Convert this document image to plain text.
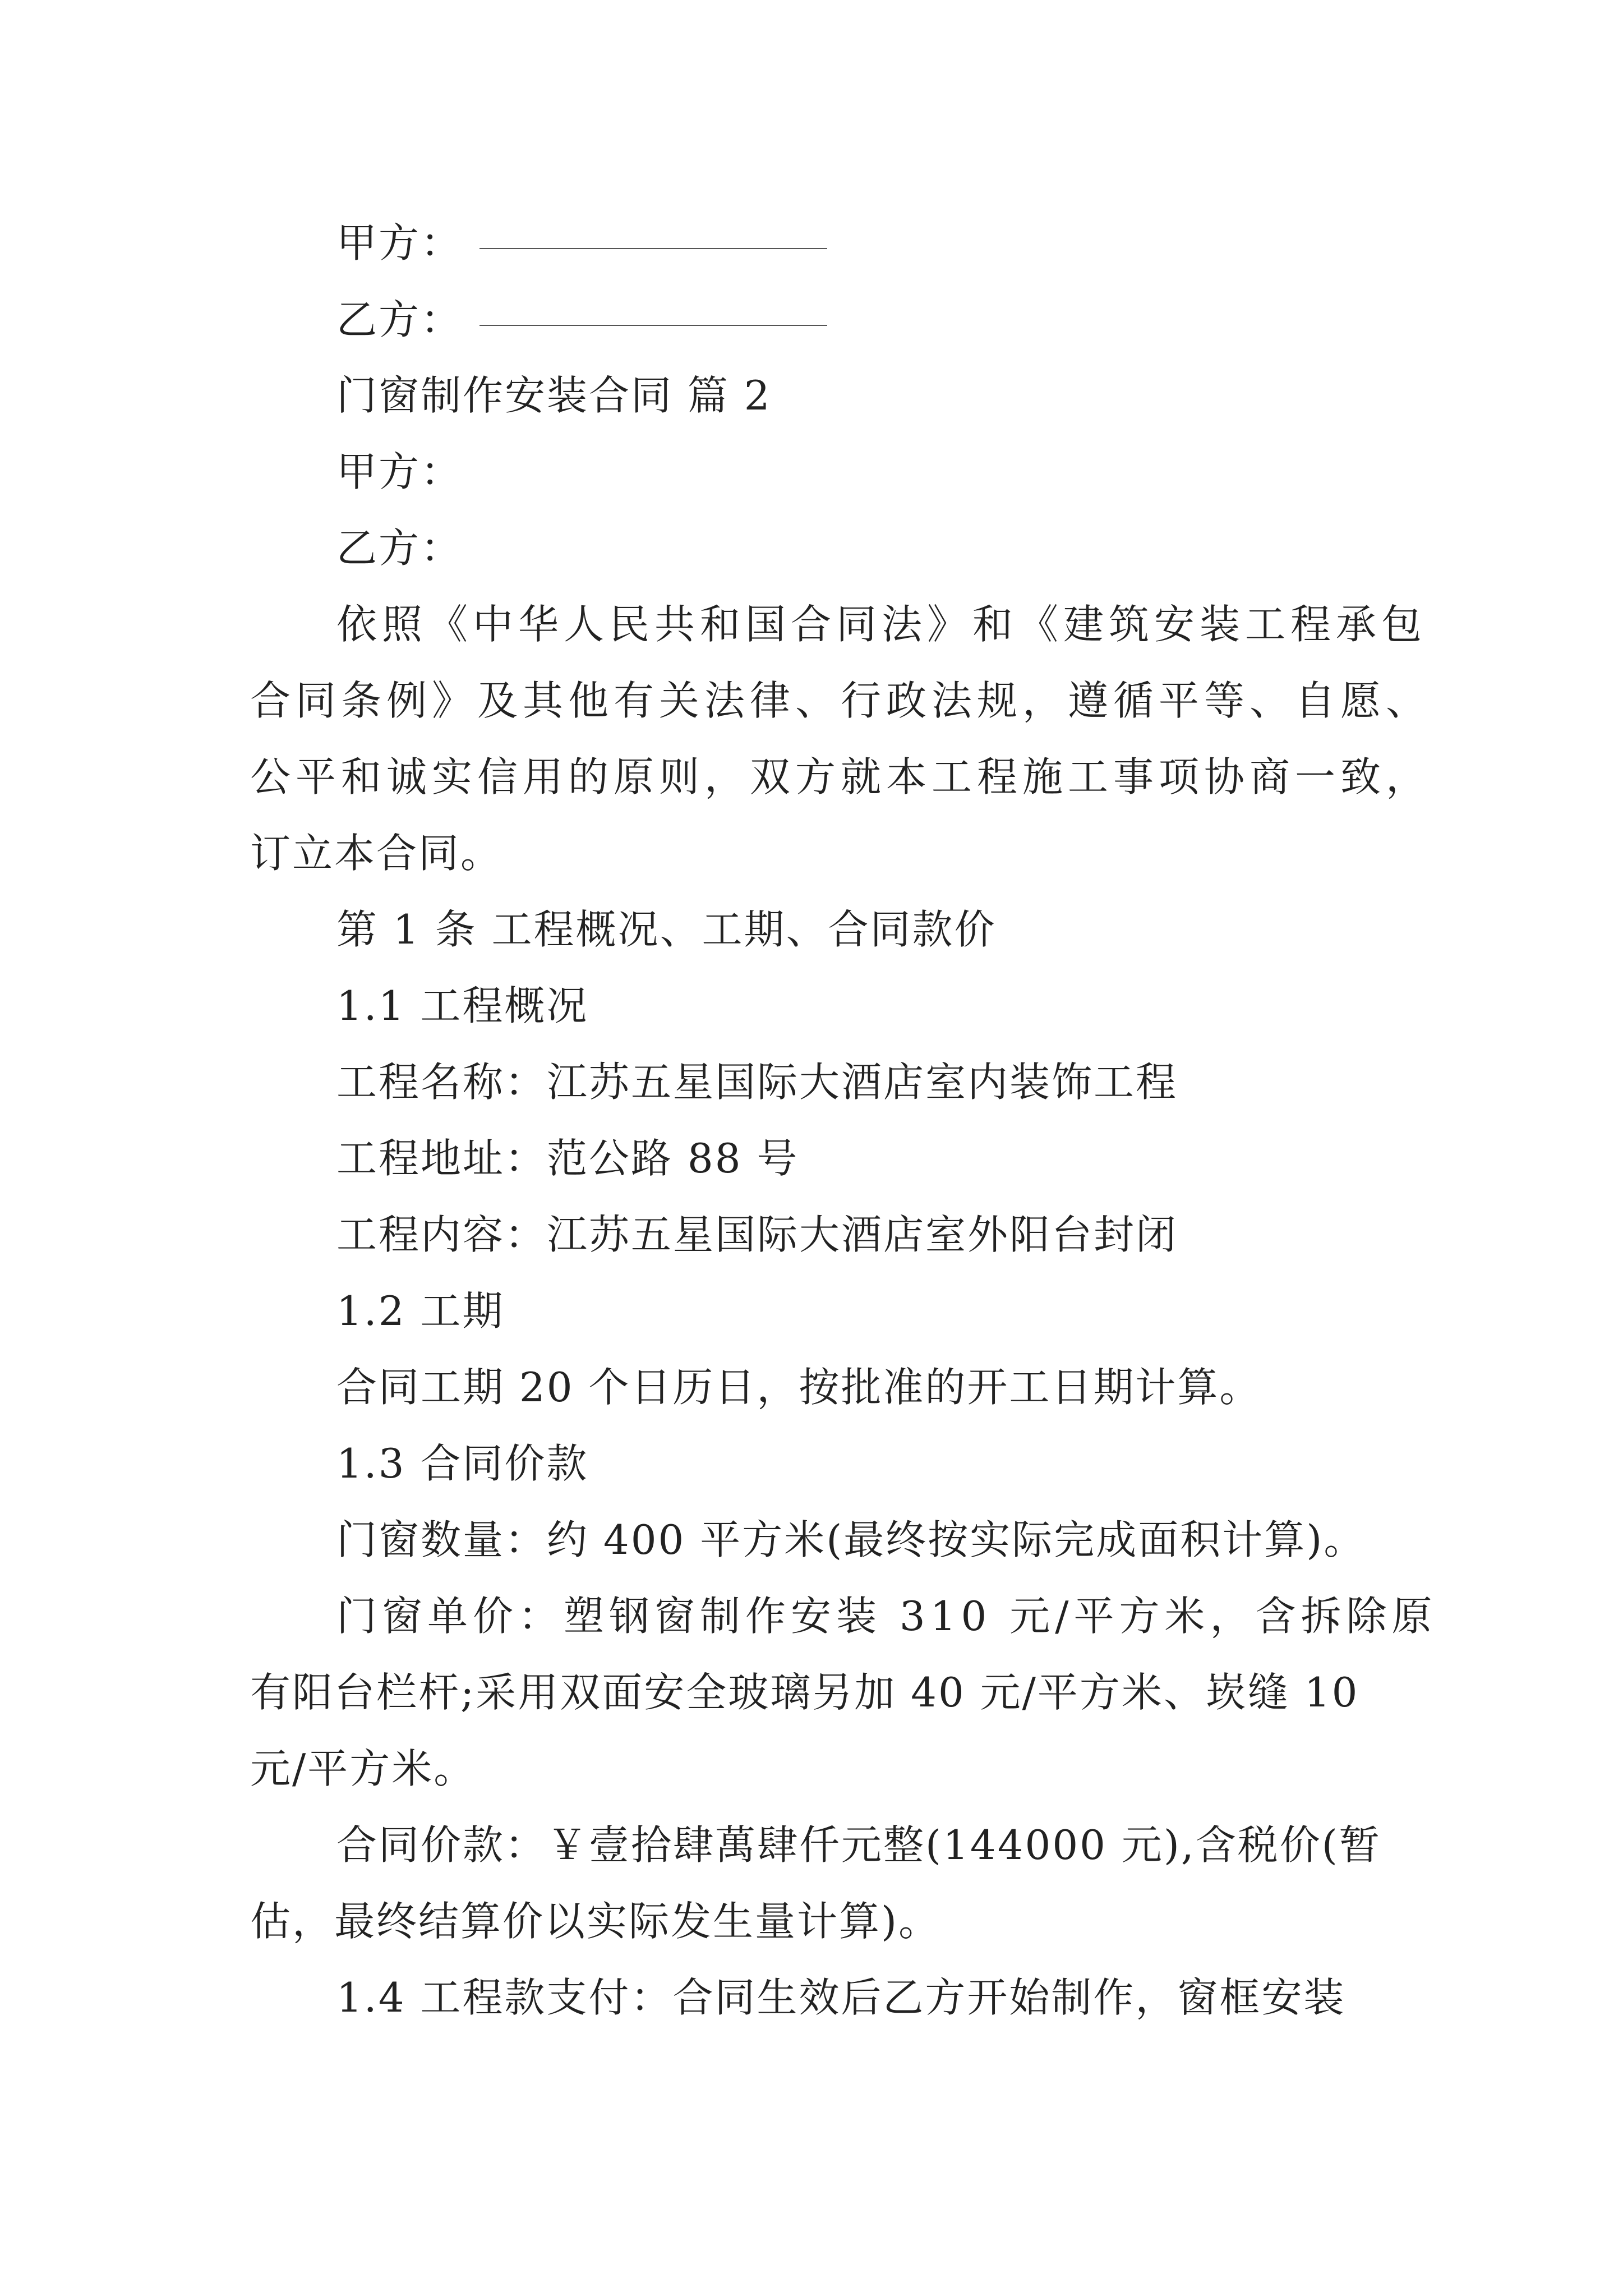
甲方：
乙方：
门窗制作安装合同 篇 2
甲方：
乙方：
依照《中华人民共和国合同法》和《建筑安装工程承包
合同条例》及其他有关法律、行政法规，遵循平等、自愿、
公平和诚实信用的原则，双方就本工程施工事项协商一致，
订立本合同。
第 1 条 工程概况、工期、合同款价
1.1 工程概况
工程名称：江苏五星国际大酒店室内装饰工程
工程地址：范公路 88 号
工程内容：江苏五星国际大酒店室外阳台封闭
1.2 工期
合同工期 20 个日历日，按批准的开工日期计算。
1.3 合同价款
门窗数量：约 400 平方米(最终按实际完成面积计算)。
门窗单价：塑钢窗制作安装 310 元/平方米，含拆除原
有阳台栏杆;采用双面安全玻璃另加 40 元/平方米、崁缝 10
元/平方米。
合同价款：￥壹拾肆萬肆仟元整(144000 元),含税价(暂
估，最终结算价以实际发生量计算)。
1.4 工程款支付：合同生效后乙方开始制作，窗框安装
